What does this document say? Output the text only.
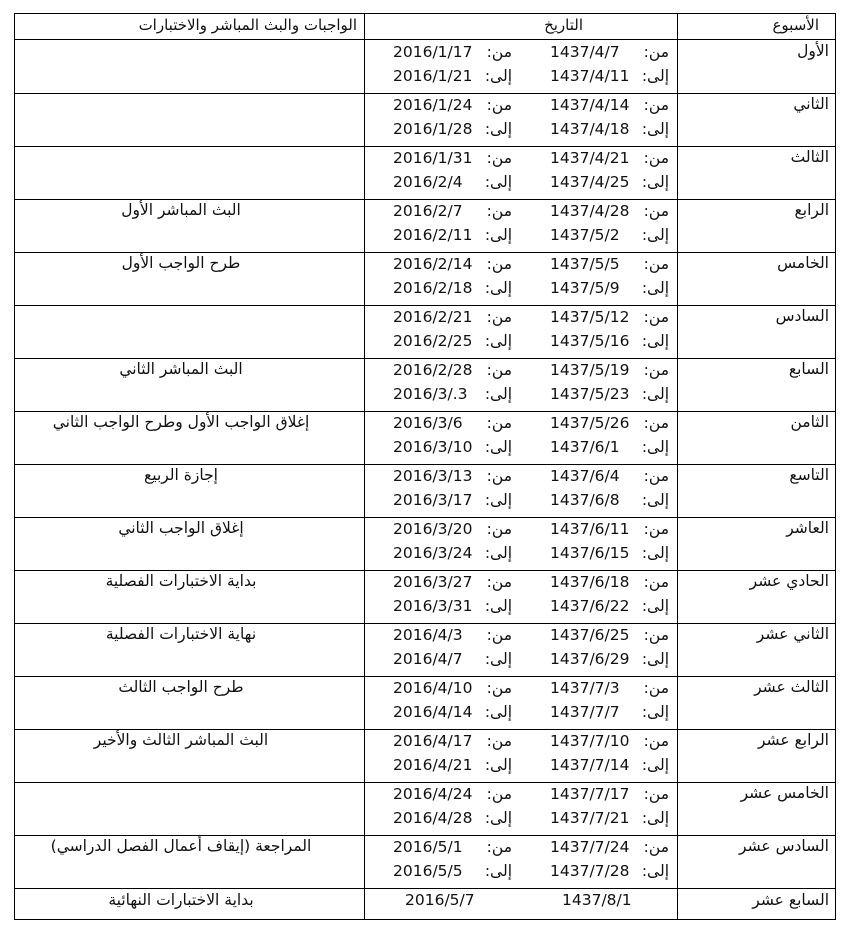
الأسبوع
التاريخ
الواجبات والبث المباشر والاختبارات
الأول
من:
1437/4/7
إلى:
1437/4/11
من:
2016/1/17
إلى:
2016/1/21
الثاني
من:
1437/4/14
إلى:
1437/4/18
من:
2016/1/24
إلى:
2016/1/28
الثالث
من:
1437/4/21
إلى:
1437/4/25
من:
2016/1/31
إلى:
2016/2/4
الرابع
من:
1437/4/28
إلى:
1437/5/2
من:
2016/2/7
إلى:
2016/2/11
البث المباشر الأول
الخامس
من:
1437/5/5
إلى:
1437/5/9
من:
2016/2/14
إلى:
2016/2/18
طرح الواجب الأول
السادس
من:
1437/5/12
إلى:
1437/5/16
من:
2016/2/21
إلى:
2016/2/25
السابع
من:
1437/5/19
إلى:
1437/5/23
من:
2016/2/28
إلى:
2016/3/.3
البث المباشر الثاني
الثامن
من:
1437/5/26
إلى:
1437/6/1
من:
2016/3/6
إلى:
2016/3/10
إغلاق الواجب الأول وطرح الواجب الثاني
التاسع
من:
1437/6/4
إلى:
1437/6/8
من:
2016/3/13
إلى:
2016/3/17
إجازة الربيع
العاشر
من:
1437/6/11
إلى:
1437/6/15
من:
2016/3/20
إلى:
2016/3/24
إغلاق الواجب الثاني
الحادي عشر
من:
1437/6/18
إلى:
1437/6/22
من:
2016/3/27
إلى:
2016/3/31
بداية الاختبارات الفصلية
الثاني عشر
من:
1437/6/25
إلى:
1437/6/29
من:
2016/4/3
إلى:
2016/4/7
نهاية الاختبارات الفصلية
الثالث عشر
من:
1437/7/3
إلى:
1437/7/7
من:
2016/4/10
إلى:
2016/4/14
طرح الواجب الثالث
الرابع عشر
من:
1437/7/10
إلى:
1437/7/14
من:
2016/4/17
إلى:
2016/4/21
البث المباشر الثالث والأخير
الخامس عشر
من:
1437/7/17
إلى:
1437/7/21
من:
2016/4/24
إلى:
2016/4/28
السادس عشر
من:
1437/7/24
إلى:
1437/7/28
من:
2016/5/1
إلى:
2016/5/5
المراجعة (إيقاف أعمال الفصل الدراسي)
السابع عشر
1437/8/1
2016/5/7
بداية الاختبارات النهائية
